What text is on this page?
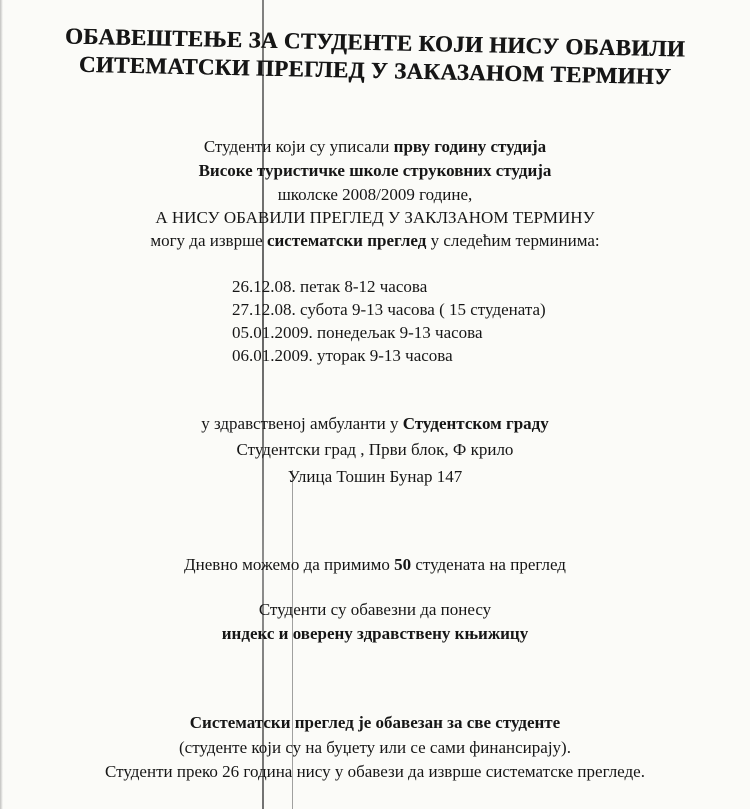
ОБАВЕШТЕЊЕ ЗА СТУДЕНТЕ КОЈИ НИСУ ОБАВИЛИ
СИТЕМАТСКИ ПРЕГЛЕД У ЗАКАЗАНОМ ТЕРМИНУ
Студенти који су уписали прву годину студија
Високе туристичке школе струковних студија
школске 2008/2009 године,
А НИСУ ОБАВИЛИ ПРЕГЛЕД У ЗАКЛЗАНОМ ТЕРМИНУ
могу да изврше систематски преглед у следећим терминима:
26.12.08. петак 8-12 часова
27.12.08. субота 9-13 часова ( 15 студената)
05.01.2009. понедељак 9-13 часова
06.01.2009. уторак 9-13 часова
у здравственој амбуланти у Студентском граду
Студентски град , Први блок, Ф крило
Улица Тошин Бунар 147
Дневно можемо да примимо 50 студената на преглед
Студенти су обавезни да понесу
индекс и оверену здравствену књижицу
Систематски преглед је обавезан за све студенте
(студенте који су на буџету или се сами финансирају).
Студенти преко 26 година нису у обавези да изврше систематске прегледе.
